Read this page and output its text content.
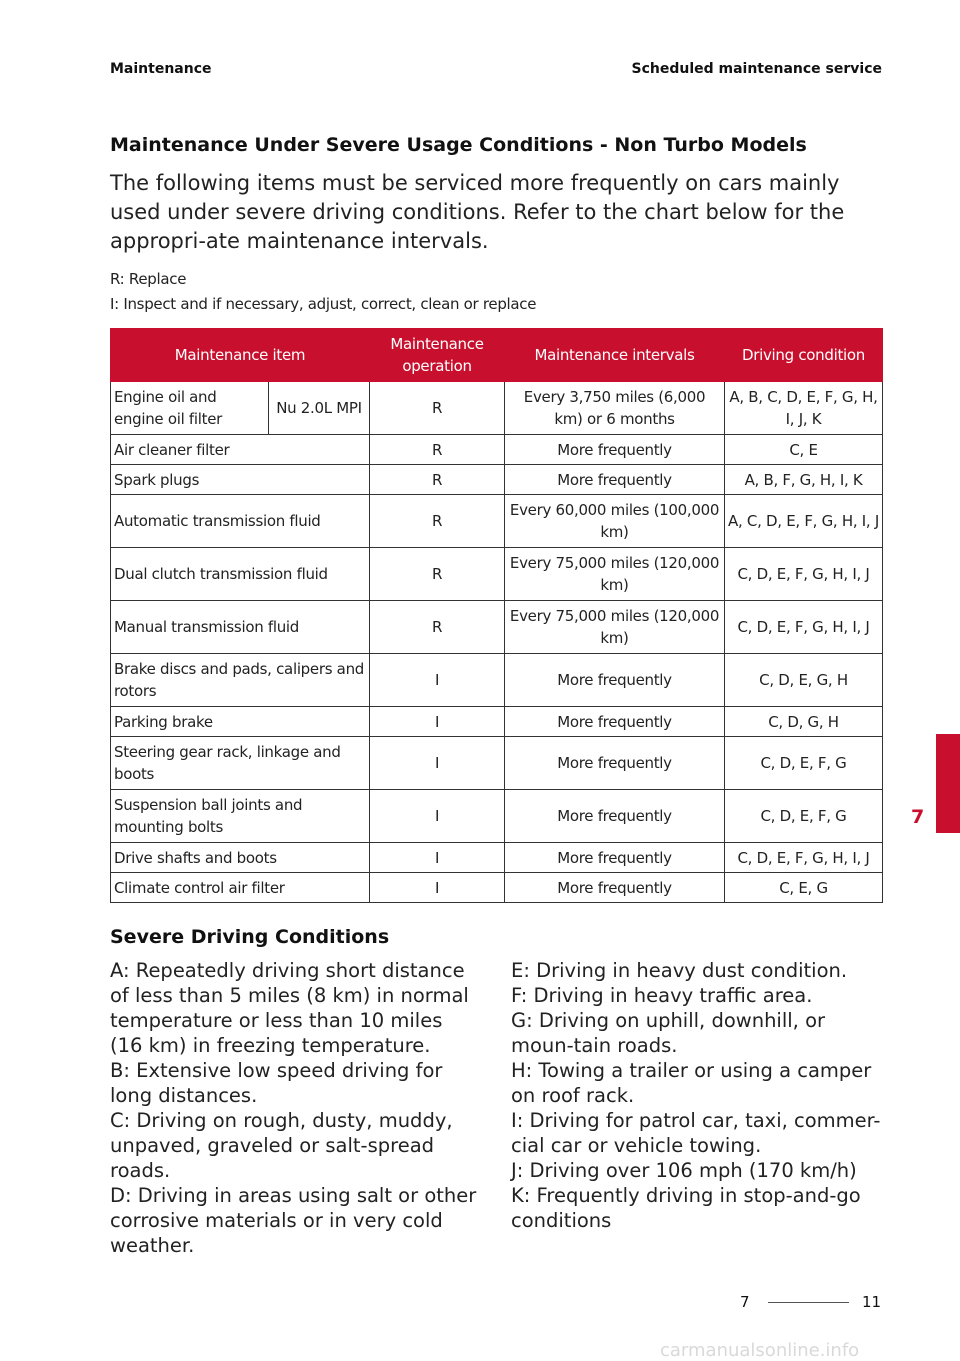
Maintenance	Scheduled maintenance service
Maintenance Under Severe Usage Conditions - Non Turbo Models
The following items must be serviced more frequently on cars mainly used under severe driving conditions. Refer to the chart below for the appropri-ate maintenance intervals.
R: Replace
I: Inspect and if necessary, adjust, correct, clean or replace
Maintenance item		Maintenance operation	Maintenance intervals	Driving condition
Engine oil and engine oil filter	Nu 2.0L MPI	R	Every 3,750 miles (6,000 km) or 6 months	A, B, C, D, E, F, G, H, I, J, K
Air cleaner filter		R	More frequently	C, E
Spark plugs		R	More frequently	A, B, F, G, H, I, K
Automatic transmission fluid		R	Every 60,000 miles (100,000 km)	A, C, D, E, F, G, H, I, J
Dual clutch transmission fluid		R	Every 75,000 miles (120,000 km)	C, D, E, F, G, H, I, J
Manual transmission fluid		R	Every 75,000 miles (120,000 km)	C, D, E, F, G, H, I, J
Brake discs and pads, calipers and rotors		I	More frequently	C, D, E, G, H
Parking brake		I	More frequently	C, D, G, H
Steering gear rack, linkage and boots		I	More frequently	C, D, E, F, G
Suspension ball joints and mounting bolts		I	More frequently	C, D, E, F, G
Drive shafts and boots		I	More frequently	C, D, E, F, G, H, I, J
Climate control air filter		I	More frequently	C, E, G
Severe Driving Conditions
A: Repeatedly driving short distance of less than 5 miles (8 km) in normal temperature or less than 10 miles (16 km) in freezing temperature.
B: Extensive low speed driving for long distances.
C: Driving on rough, dusty, muddy, unpaved, graveled or salt-spread roads.
D: Driving in areas using salt or other corrosive materials or in very cold weather.
E: Driving in heavy dust condition.
F: Driving in heavy traffic area.
G: Driving on uphill, downhill, or moun-tain roads.
H: Towing a trailer or using a camper on roof rack.
I: Driving for patrol car, taxi, commer-cial car or vehicle towing.
J: Driving over 106 mph (170 km/h)
K: Frequently driving in stop-and-go conditions
7
7	11
carmanualsonline.info
